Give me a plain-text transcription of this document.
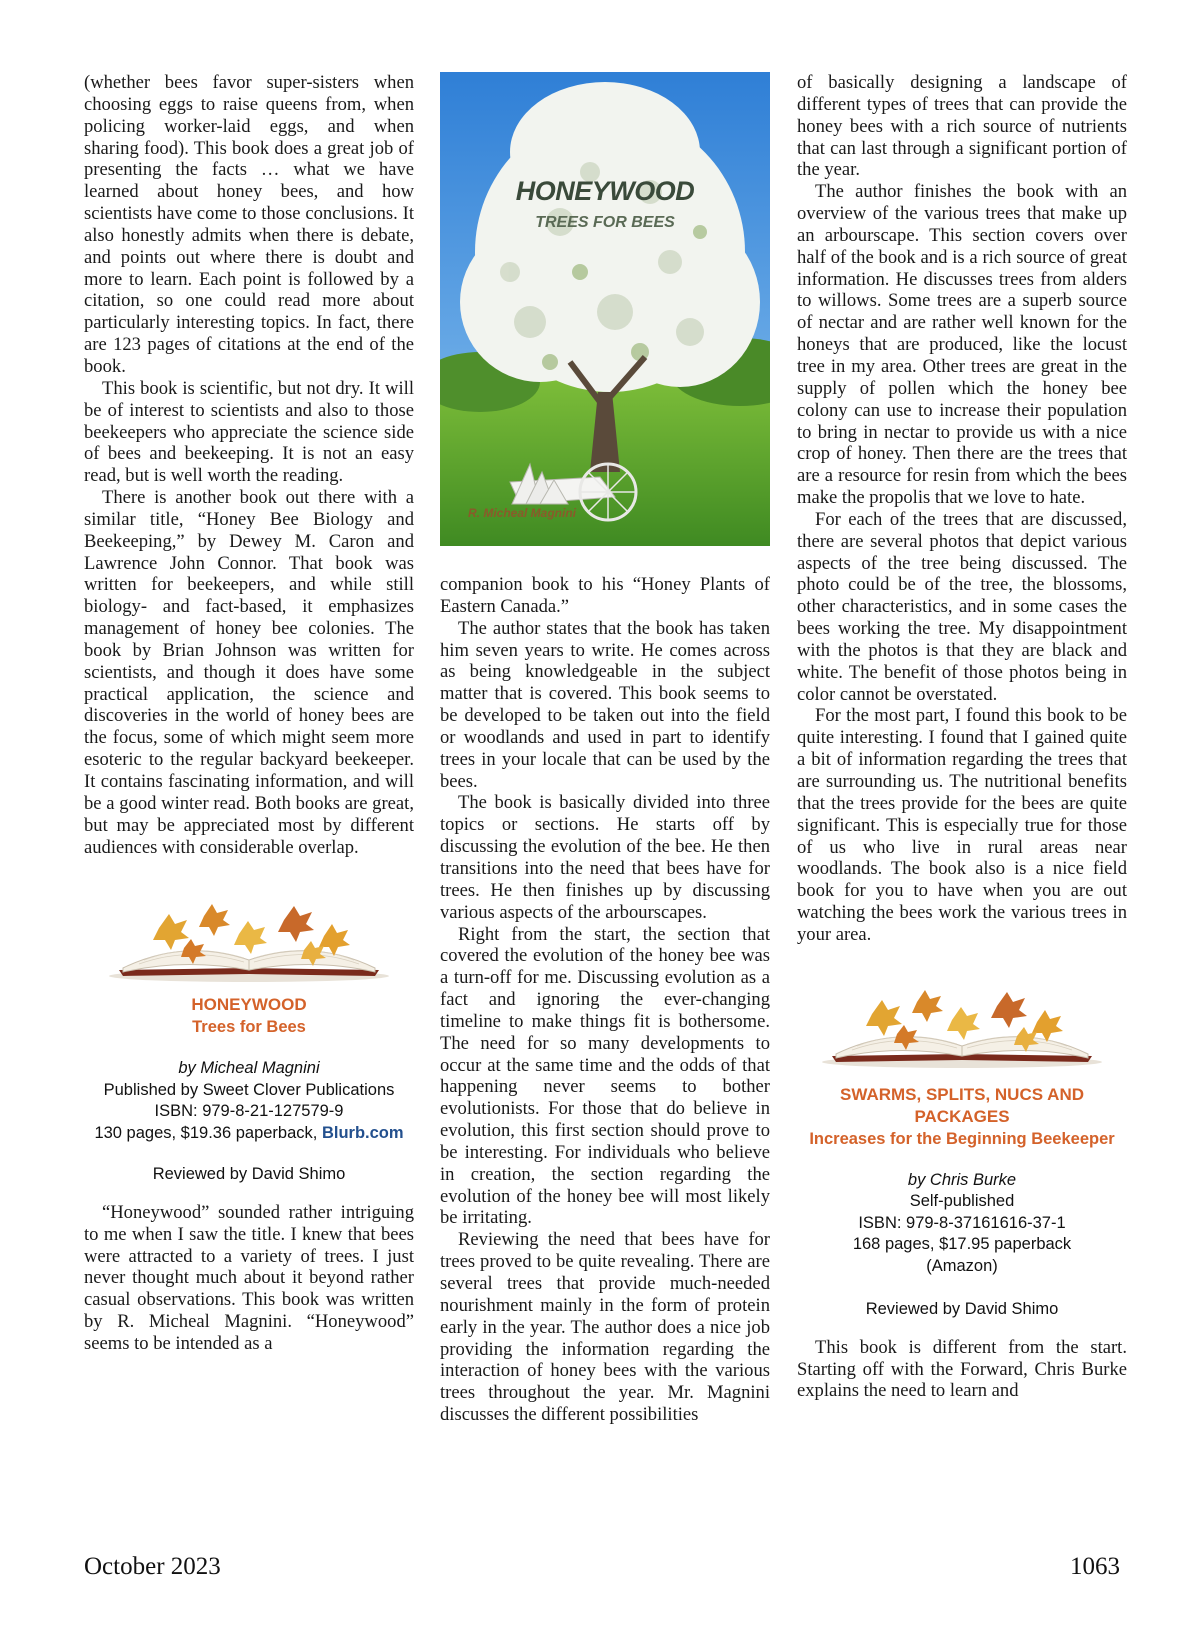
(whether bees favor super-sisters when choosing eggs to raise queens from, when policing worker-laid eggs, and when sharing food). This book does a great job of presenting the facts … what we have learned about honey bees, and how scientists have come to those conclusions. It also honestly admits when there is debate, and points out where there is doubt and more to learn. Each point is followed by a citation, so one could read more about particularly interesting topics. In fact, there are 123 pages of citations at the end of the book.

This book is scientific, but not dry. It will be of interest to scientists and also to those beekeepers who appreciate the science side of bees and beekeeping. It is not an easy read, but is well worth the reading.

There is another book out there with a similar title, “Honey Bee Biology and Beekeeping,” by Dewey M. Caron and Lawrence John Connor. That book was written for beekeepers, and while still biology- and fact-based, it emphasizes management of honey bee colonies. The book by Brian Johnson was written for scientists, and though it does have some practical application, the science and discoveries in the world of honey bees are the focus, some of which might seem more esoteric to the regular backyard beekeeper. It contains fascinating information, and will be a good winter read. Both books are great, but may be appreciated most by different audiences with considerable overlap.

HONEYWOOD

Trees for Bees

by Micheal Magnini

Published by Sweet Clover Publications

ISBN: 979-8-21-127579-9

130 pages, $19.36 paperback, Blurb.com

Reviewed by David Shimo

“Honeywood” sounded rather intriguing to me when I saw the title. I knew that bees were attracted to a variety of trees. I just never thought much about it beyond rather casual observations. This book was written by R. Micheal Magnini. “Honeywood” seems to be intended as a

HONEYWOOD
TREES FOR BEES
R. Micheal Magnini

companion book to his “Honey Plants of Eastern Canada.”

The author states that the book has taken him seven years to write. He comes across as being knowledgeable in the subject matter that is covered. This book seems to be developed to be taken out into the field or woodlands and used in part to identify trees in your locale that can be used by the bees.

The book is basically divided into three topics or sections. He starts off by discussing the evolution of the bee. He then transitions into the need that bees have for trees. He then finishes up by discussing various aspects of the arbourscapes.

Right from the start, the section that covered the evolution of the honey bee was a turn-off for me. Discussing evolution as a fact and ignoring the ever-changing timeline to make things fit is bothersome. The need for so many developments to occur at the same time and the odds of that happening never seems to bother evolutionists. For those that do believe in evolution, this first section should prove to be interesting. For individuals who believe in creation, the section regarding the evolution of the honey bee will most likely be irritating.

Reviewing the need that bees have for trees proved to be quite revealing. There are several trees that provide much-needed nourishment mainly in the form of protein early in the year. The author does a nice job providing the information regarding the interaction of honey bees with the various trees throughout the year. Mr. Magnini discusses the different possibilities

of basically designing a landscape of different types of trees that can provide the honey bees with a rich source of nutrients that can last through a significant portion of the year.

The author finishes the book with an overview of the various trees that make up an arbourscape. This section covers over half of the book and is a rich source of great information. He discusses trees from alders to willows. Some trees are a superb source of nectar and are rather well known for the honeys that are produced, like the locust tree in my area. Other trees are great in the supply of pollen which the honey bee colony can use to increase their population to bring in nectar to provide us with a nice crop of honey. Then there are the trees that are a resource for resin from which the bees make the propolis that we love to hate.

For each of the trees that are discussed, there are several photos that depict various aspects of the tree being discussed. The photo could be of the tree, the blossoms, other characteristics, and in some cases the bees working the tree. My disappointment with the photos is that they are black and white. The benefit of those photos being in color cannot be overstated.

For the most part, I found this book to be quite interesting. I found that I gained quite a bit of information regarding the trees that are surrounding us. The nutritional benefits that the trees provide for the bees are quite significant. This is especially true for those of us who live in rural areas near woodlands. The book also is a nice field book for you to have when you are out watching the bees work the various trees in your area.

SWARMS, SPLITS, NUCS AND PACKAGES

Increases for the Beginning Beekeeper

by Chris Burke

Self-published

ISBN: 979-8-37161616-37-1

168 pages, $17.95 paperback

(Amazon)

Reviewed by David Shimo

This book is different from the start. Starting off with the Forward, Chris Burke explains the need to learn and

October 2023	1063
